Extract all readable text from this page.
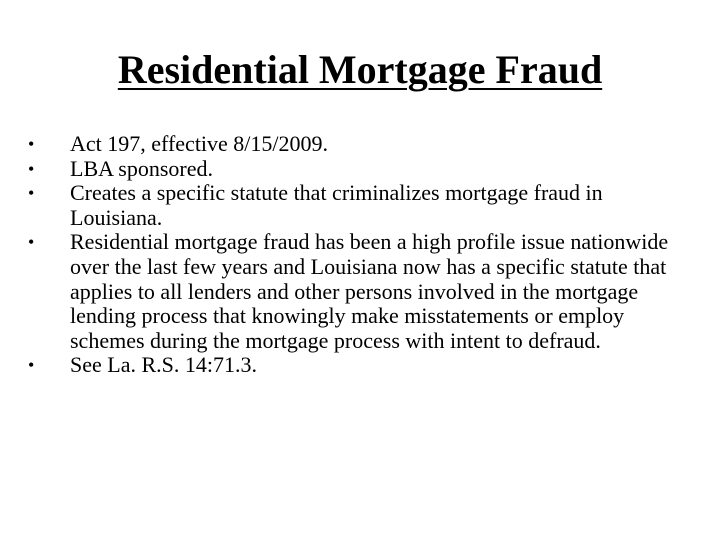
Residential Mortgage Fraud
•	Act 197, effective 8/15/2009.
•	LBA sponsored.
•	Creates a specific statute that criminalizes mortgage fraud in Louisiana.
•	Residential mortgage fraud has been a high profile issue nationwide over the last few years and Louisiana now has a specific statute that applies to all lenders and other persons involved in the mortgage lending process that knowingly make misstatements or employ schemes during the mortgage process with intent to defraud.
•	See La. R.S. 14:71.3.
